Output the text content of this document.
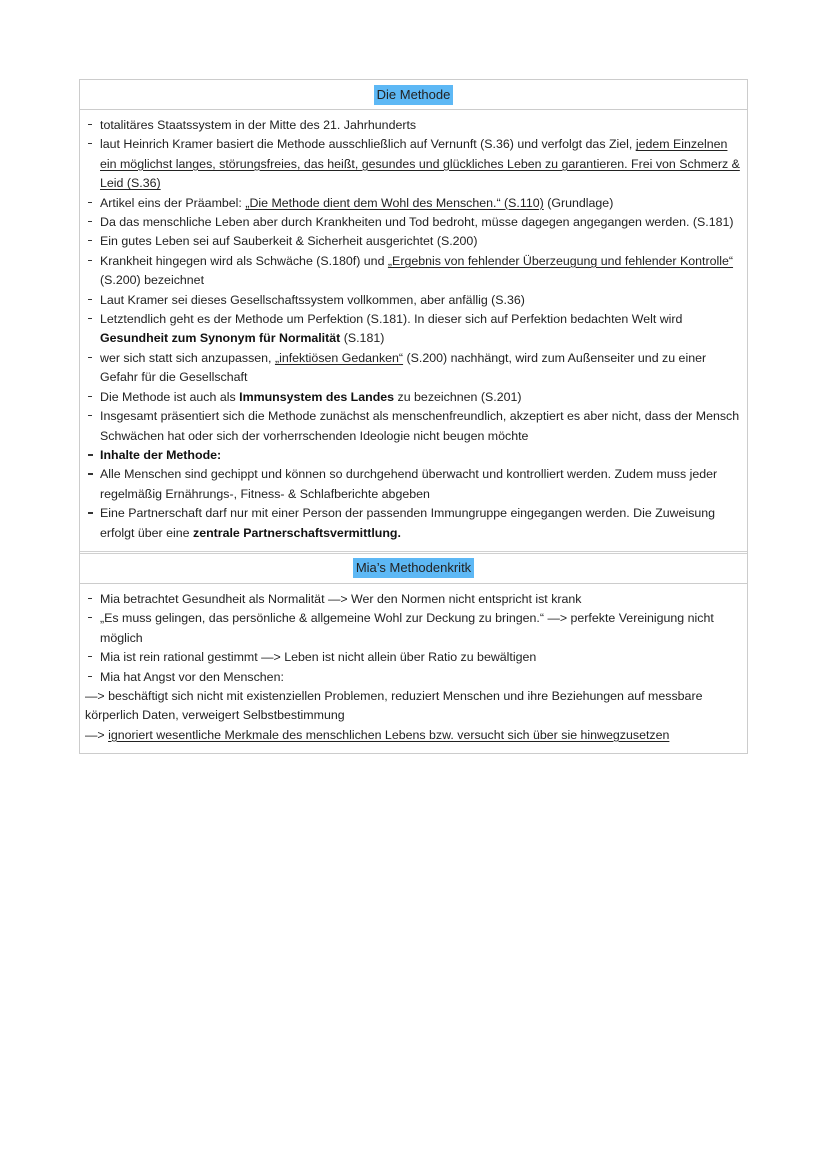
Die Methode
totalitäres Staatssystem in der Mitte des 21. Jahrhunderts
laut Heinrich Kramer basiert die Methode ausschließlich auf Vernunft (S.36) und verfolgt das Ziel, jedem Einzelnen ein möglichst langes, störungsfreies, das heißt, gesundes und glückliches Leben zu garantieren. Frei von Schmerz & Leid (S.36)
Artikel eins der Präambel: „Die Methode dient dem Wohl des Menschen.“ (S.110) (Grundlage)
Da das menschliche Leben aber durch Krankheiten und Tod bedroht, müsse dagegen angegangen werden. (S.181)
Ein gutes Leben sei auf Sauberkeit & Sicherheit ausgerichtet (S.200)
Krankheit hingegen wird als Schwäche (S.180f) und „Ergebnis von fehlender Überzeugung und fehlender Kontrolle“ (S.200) bezeichnet
Laut Kramer sei dieses Gesellschaftssystem vollkommen, aber anfällig (S.36)
Letztendlich geht es der Methode um Perfektion (S.181). In dieser sich auf Perfektion bedachten Welt wird Gesundheit zum Synonym für Normalität (S.181)
wer sich statt sich anzupassen, „infektiösen Gedanken“ (S.200) nachhängt, wird zum Außenseiter und zu einer Gefahr für die Gesellschaft
Die Methode ist auch als Immunsystem des Landes zu bezeichnen (S.201)
Insgesamt präsentiert sich die Methode zunächst als menschenfreundlich, akzeptiert es aber nicht, dass der Mensch Schwächen hat oder sich der vorherrschenden Ideologie nicht beugen möchte
Inhalte der Methode:
Alle Menschen sind gechippt und können so durchgehend überwacht und kontrolliert werden. Zudem muss jeder regelmäßig Ernährungs-, Fitness- & Schlafberichte abgeben
Eine Partnerschaft darf nur mit einer Person der passenden Immungruppe eingegangen werden. Die Zuweisung erfolgt über eine zentrale Partnerschaftsvermittlung.
Mia’s Methodenkritk
Mia betrachtet Gesundheit als Normalität —> Wer den Normen nicht entspricht ist krank
„Es muss gelingen, das persönliche & allgemeine Wohl zur Deckung zu bringen.“ —> perfekte Vereinigung nicht möglich
Mia ist rein rational gestimmt —> Leben ist nicht allein über Ratio zu bewältigen
Mia hat Angst vor den Menschen:
—> beschäftigt sich nicht mit existenziellen Problemen, reduziert Menschen und ihre Beziehungen auf messbare körperlich Daten, verweigert Selbstbestimmung
—> ignoriert wesentliche Merkmale des menschlichen Lebens bzw. versucht sich über sie hinwegzusetzen
